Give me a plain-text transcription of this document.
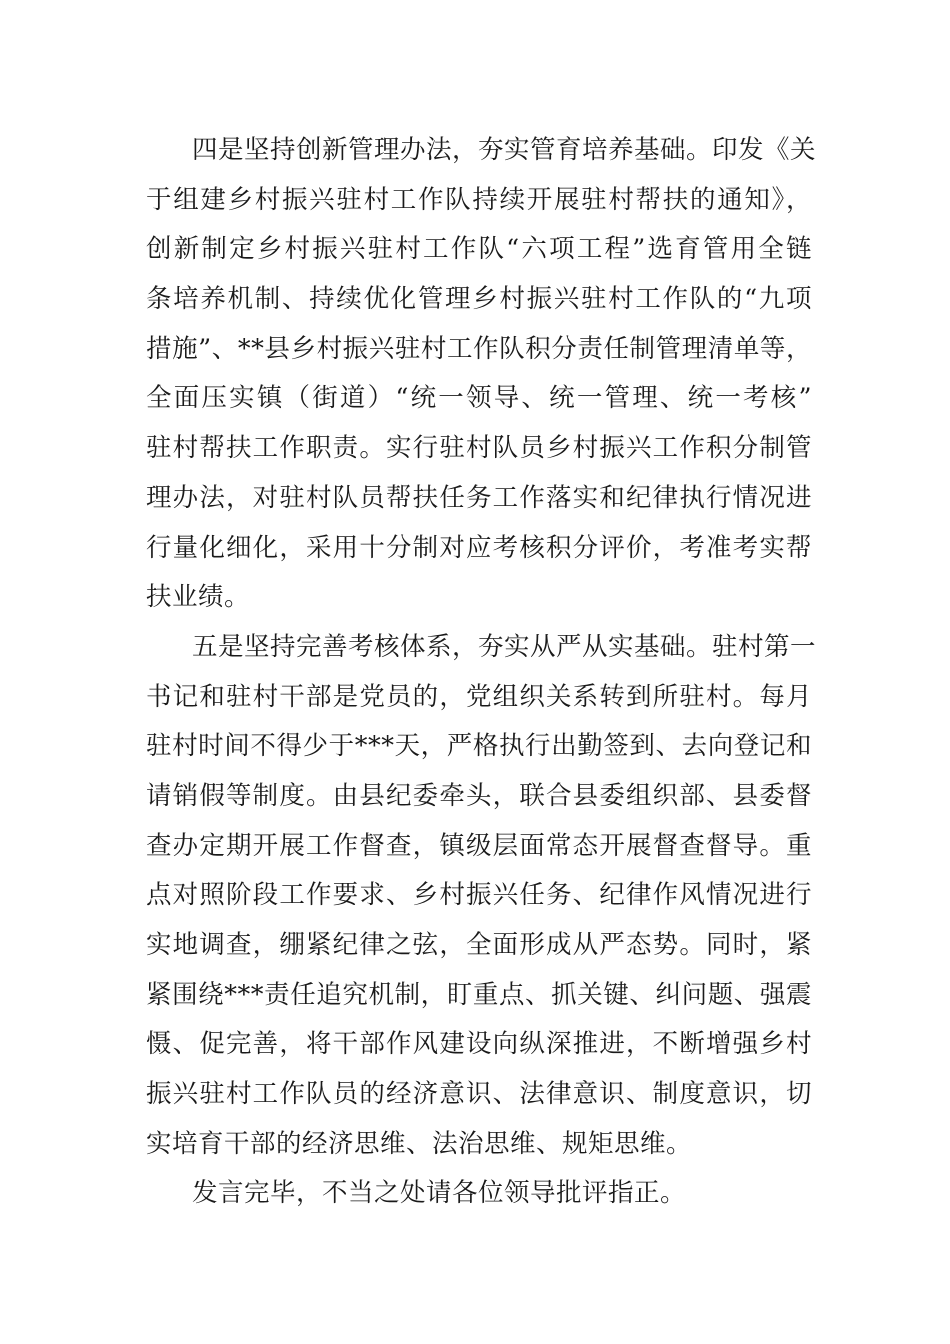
四是坚持创新管理办法，夯实管育培养基础。印发《关
于组建乡村振兴驻村工作队持续开展驻村帮扶的通知》，
创新制定乡村振兴驻村工作队“六项工程”选育管用全链
条培养机制、持续优化管理乡村振兴驻村工作队的“九项
措施”、**县乡村振兴驻村工作队积分责任制管理清单等，
全面压实镇（街道）“统一领导、统一管理、统一考核”
驻村帮扶工作职责。实行驻村队员乡村振兴工作积分制管
理办法，对驻村队员帮扶任务工作落实和纪律执行情况进
行量化细化，采用十分制对应考核积分评价，考准考实帮
扶业绩。
五是坚持完善考核体系，夯实从严从实基础。驻村第一
书记和驻村干部是党员的，党组织关系转到所驻村。每月
驻村时间不得少于***天，严格执行出勤签到、去向登记和
请销假等制度。由县纪委牵头，联合县委组织部、县委督
查办定期开展工作督查，镇级层面常态开展督查督导。重
点对照阶段工作要求、乡村振兴任务、纪律作风情况进行
实地调查，绷紧纪律之弦，全面形成从严态势。同时，紧
紧围绕***责任追究机制，盯重点、抓关键、纠问题、强震
慑、促完善，将干部作风建设向纵深推进，不断增强乡村
振兴驻村工作队员的经济意识、法律意识、制度意识，切
实培育干部的经济思维、法治思维、规矩思维。
发言完毕，不当之处请各位领导批评指正。
